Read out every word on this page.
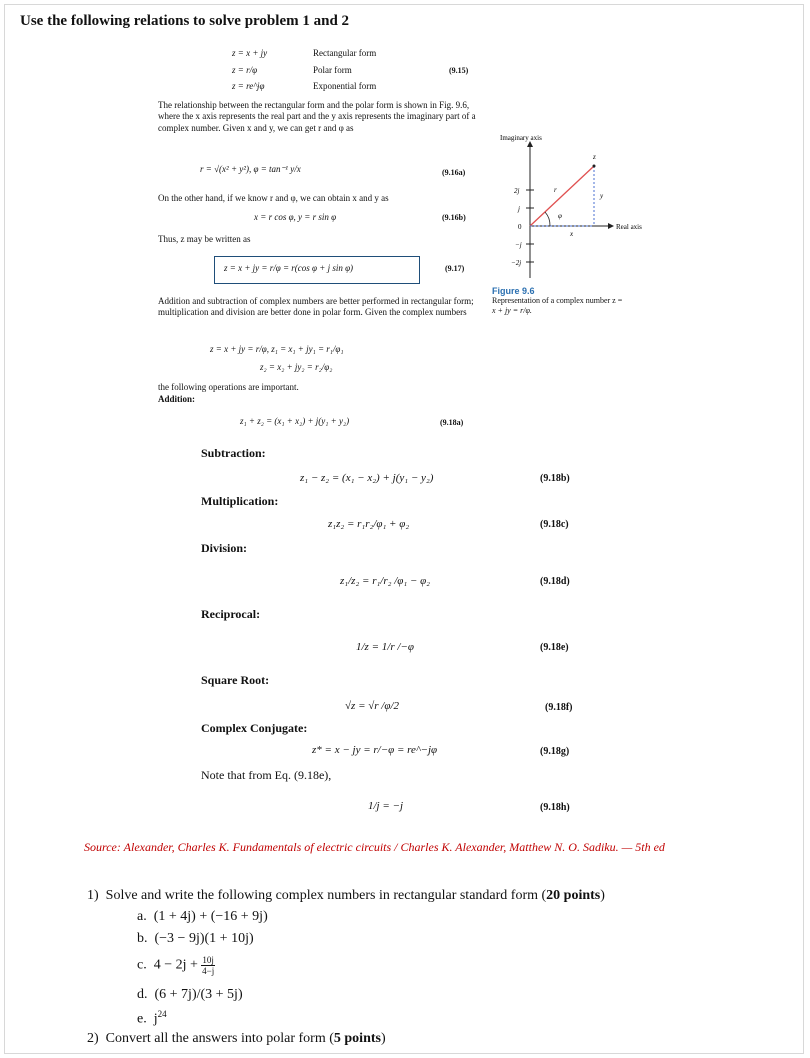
Use the following relations to solve problem 1 and 2
z = x + jy	Rectangular form
z = r/φ	Polar form	(9.15)
z = re^jφ	Exponential form
The relationship between the rectangular form and the polar form is shown in Fig. 9.6, where the x axis represents the real part and the y axis represents the imaginary part of a complex number. Given x and y, we can get r and φ as
r = √(x² + y²), φ = tan⁻¹ y/x	(9.16a)
On the other hand, if we know r and φ, we can obtain x and y as
x = r cos φ, y = r sin φ	(9.16b)
Thus, z may be written as
z = x + jy = r/φ = r(cos φ + j sin φ)	(9.17)
Addition and subtraction of complex numbers are better performed in rectangular form; multiplication and division are better done in polar form. Given the complex numbers
z = x + jy = r/φ, z₁ = x₁ + jy₁ = r₁/φ₁
z₂ = x₂ + jy₂ = r₂/φ₂
the following operations are important.
Addition:
z₁ + z₂ = (x₁ + x₂) + j(y₁ + y₂)	(9.18a)
Imaginary axis
Real axis
2j
j
0
−j
−2j
z
r
y
x
φ
Figure 9.6
Representation of a complex number z =
x + jy = r/φ.
Subtraction:
z₁ − z₂ = (x₁ − x₂) + j(y₁ − y₂)	(9.18b)
Multiplication:
z₁z₂ = r₁r₂/φ₁ + φ₂	(9.18c)
Division:
z₁/z₂ = r₁/r₂ /φ₁ − φ₂	(9.18d)
Reciprocal:
1/z = 1/r /−φ	(9.18e)
Square Root:
√z = √r /φ/2	(9.18f)
Complex Conjugate:
z* = x − jy = r/−φ = re^−jφ	(9.18g)
Note that from Eq. (9.18e),
1/j = −j	(9.18h)
Source: Alexander, Charles K. Fundamentals of electric circuits / Charles K. Alexander, Matthew N. O. Sadiku. — 5th ed
1) Solve and write the following complex numbers in rectangular standard form (20 points)
a. (1 + 4j) + (−16 + 9j)
b. (−3 − 9j)(1 + 10j)
c. $4 - 2j + \frac{10j}{4-j}$
d. (6 + 7j)/(3 + 5j)
e. $j^{24}$
2) Convert all the answers into polar form (5 points)
